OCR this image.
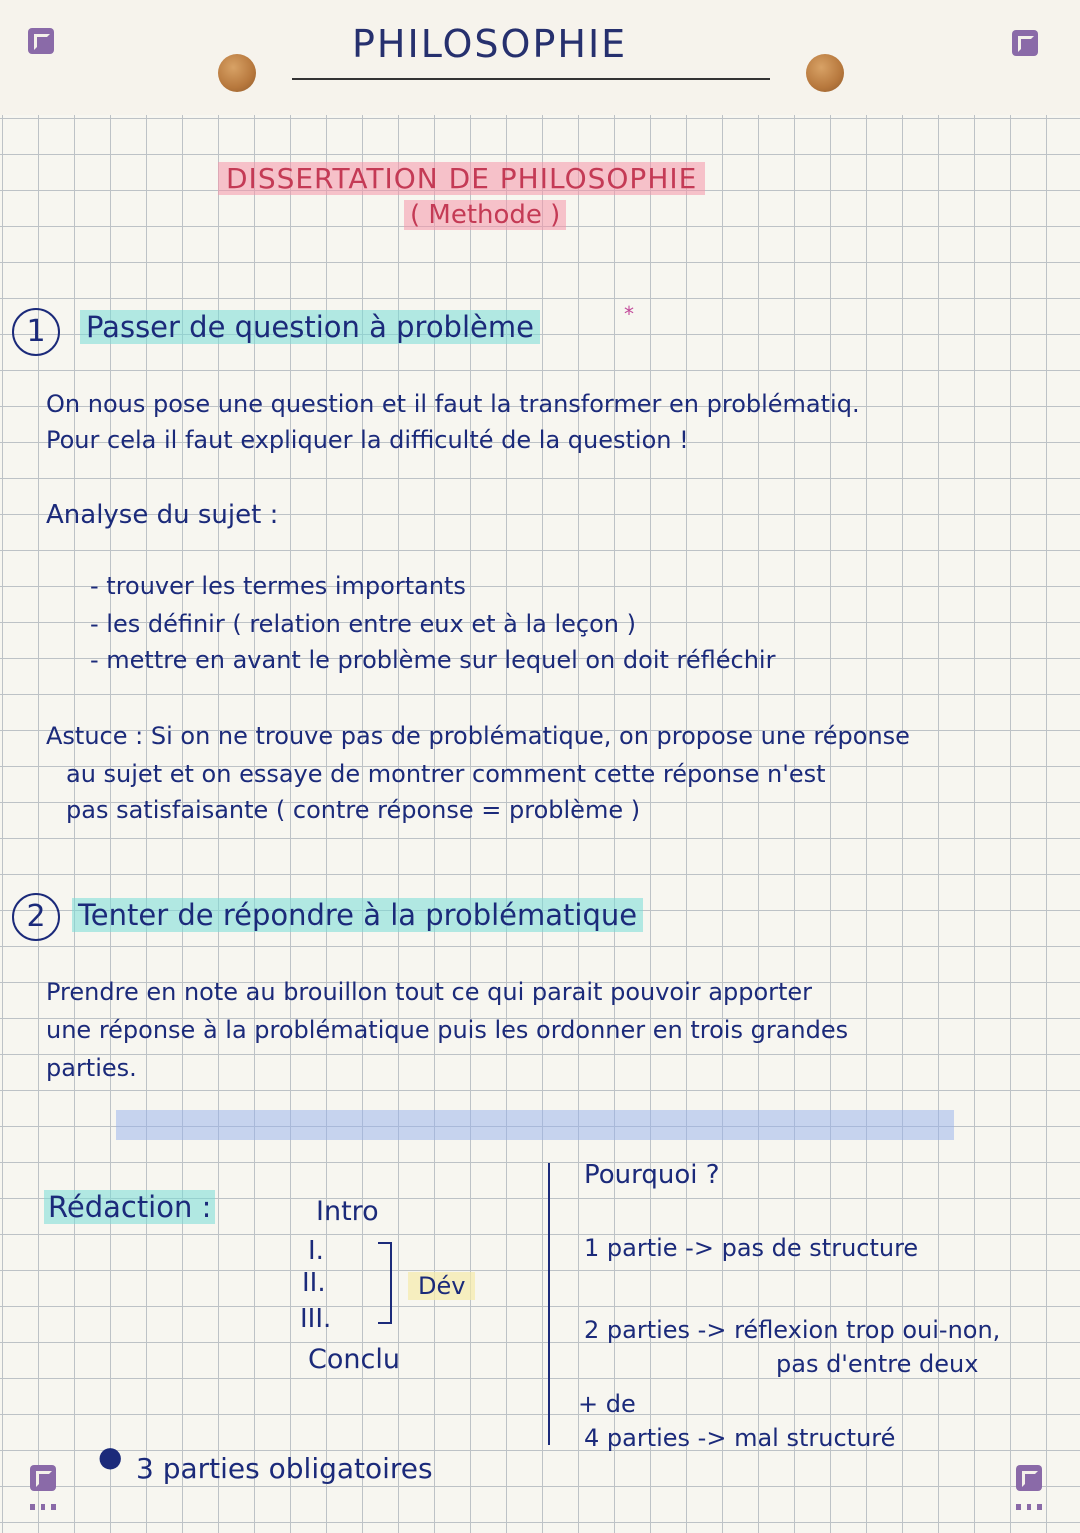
PHILOSOPHIE
DISSERTATION DE PHILOSOPHIE
( Methode )
1	Passer de question à problème	*
On nous pose une question et il faut la transformer en problématiq.
Pour cela il faut expliquer la difficulté de la question !
Analyse du sujet :
- trouver les termes importants
- les définir ( relation entre eux et à la leçon )
- mettre en avant le problème sur lequel on doit réfléchir
Astuce : Si on ne trouve pas de problématique, on propose une réponse
au sujet et on essaye de montrer comment cette réponse n'est
pas satisfaisante ( contre réponse = problème )
2	Tenter de répondre à la problématique
Prendre en note au brouillon tout ce qui parait pouvoir apporter
une réponse à la problématique puis les ordonner en trois grandes
parties.
Rédaction :	Intro
I.
II.
III.
Conclu
Dév
● 3 parties obligatoires
Pourquoi ?
1 partie -> pas de structure
2 parties -> réflexion trop oui-non,
pas d'entre deux
+ de
4 parties -> mal structuré
